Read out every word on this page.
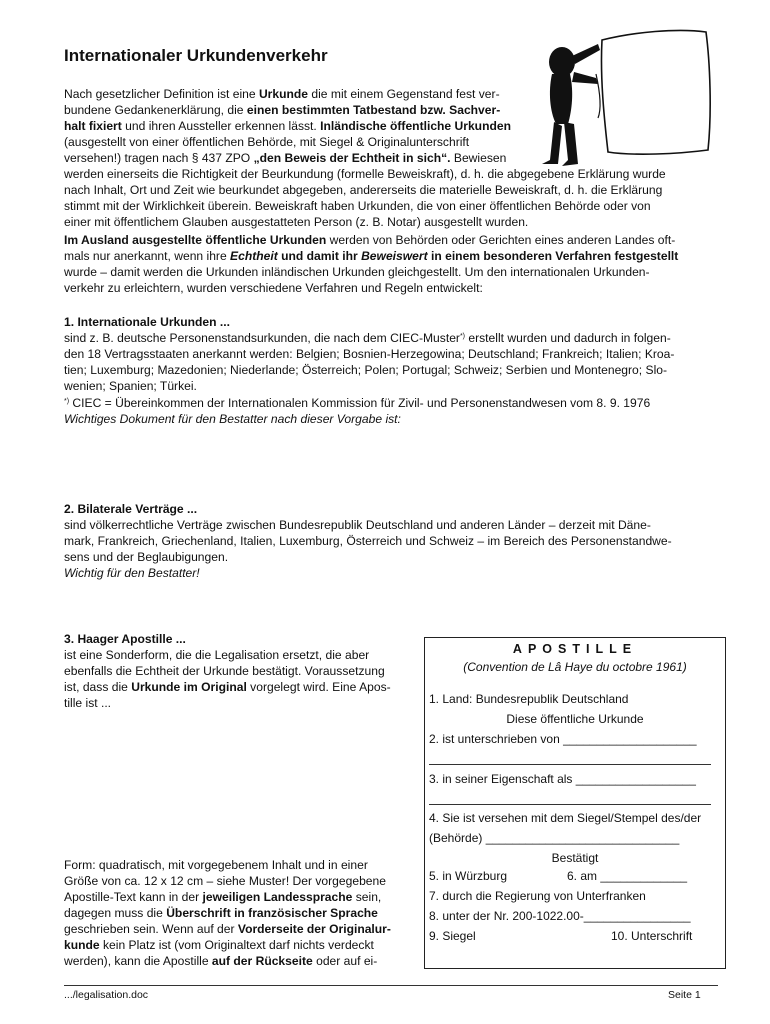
Internationaler Urkundenverkehr
Nach gesetzlicher Definition ist eine Urkunde die mit einem Gegenstand fest ver-
bundene Gedankenerklärung, die einen bestimmten Tatbestand bzw. Sachver-
halt fixiert und ihren Aussteller erkennen lässt. Inländische öffentliche Urkunden
(ausgestellt von einer öffentlichen Behörde, mit Siegel & Originalunterschrift
versehen!) tragen nach § 437 ZPO „den Beweis der Echtheit in sich“. Bewiesen
werden einerseits die Richtigkeit der Beurkundung (formelle Beweiskraft), d. h. die abgegebene Erklärung wurde
nach Inhalt, Ort und Zeit wie beurkundet abgegeben, andererseits die materielle Beweiskraft, d. h. die Erklärung
stimmt mit der Wirklichkeit überein. Beweiskraft haben Urkunden, die von einer öffentlichen Behörde oder von
einer mit öffentlichem Glauben ausgestatteten Person (z. B. Notar) ausgestellt wurden.
Im Ausland ausgestellte öffentliche Urkunden werden von Behörden oder Gerichten eines anderen Landes oft-
mals nur anerkannt, wenn ihre Echtheit und damit ihr Beweiswert in einem besonderen Verfahren festgestellt
wurde – damit werden die Urkunden inländischen Urkunden gleichgestellt. Um den internationalen Urkunden-
verkehr zu erleichtern, wurden verschiedene Verfahren und Regeln entwickelt:
1. Internationale Urkunden ...
sind z. B. deutsche Personenstandsurkunden, die nach dem CIEC-Muster*) erstellt wurden und dadurch in folgen-
den 18 Vertragsstaaten anerkannt werden: Belgien; Bosnien-Herzegowina; Deutschland; Frankreich; Italien; Kroa-
tien; Luxemburg; Mazedonien; Niederlande; Österreich; Polen; Portugal; Schweiz; Serbien und Montenegro; Slo-
wenien; Spanien; Türkei.
*) CIEC = Übereinkommen der Internationalen Kommission für Zivil- und Personenstandwesen vom 8. 9. 1976
Wichtiges Dokument für den Bestatter nach dieser Vorgabe ist:
2. Bilaterale Verträge ...
sind völkerrechtliche Verträge zwischen Bundesrepublik Deutschland und anderen Länder – derzeit mit Däne-
mark, Frankreich, Griechenland, Italien, Luxemburg, Österreich und Schweiz – im Bereich des Personenstandwe-
sens und der Beglaubigungen.
Wichtig für den Bestatter!
3. Haager Apostille ...
ist eine Sonderform, die die Legalisation ersetzt, die aber
ebenfalls die Echtheit der Urkunde bestätigt. Voraussetzung
ist, dass die Urkunde im Original vorgelegt wird. Eine Apos-
tille ist ...
Form: quadratisch, mit vorgegebenem Inhalt und in einer
Größe von ca. 12 x 12 cm – siehe Muster! Der vorgegebene
Apostille-Text kann in der jeweiligen Landessprache sein,
dagegen muss die Überschrift in französischer Sprache
geschrieben sein. Wenn auf der Vorderseite der Originalur-
kunde kein Platz ist (vom Originaltext darf nichts verdeckt
werden), kann die Apostille auf der Rückseite oder auf ei-
APOSTILLE
(Convention de Lâ Haye du octobre 1961)
1. Land: Bundesrepublik Deutschland
Diese öffentliche Urkunde
2. ist unterschrieben von ____________________
3. in seiner Eigenschaft als __________________
4. Sie ist versehen mit dem Siegel/Stempel des/der
(Behörde) _____________________________
Bestätigt
5. in Würzburg	6. am _____________
7. durch die Regierung von Unterfranken
8. unter der Nr. 200-1022.00-________________
9. Siegel	10. Unterschrift
.../legalisation.doc	Seite 1
